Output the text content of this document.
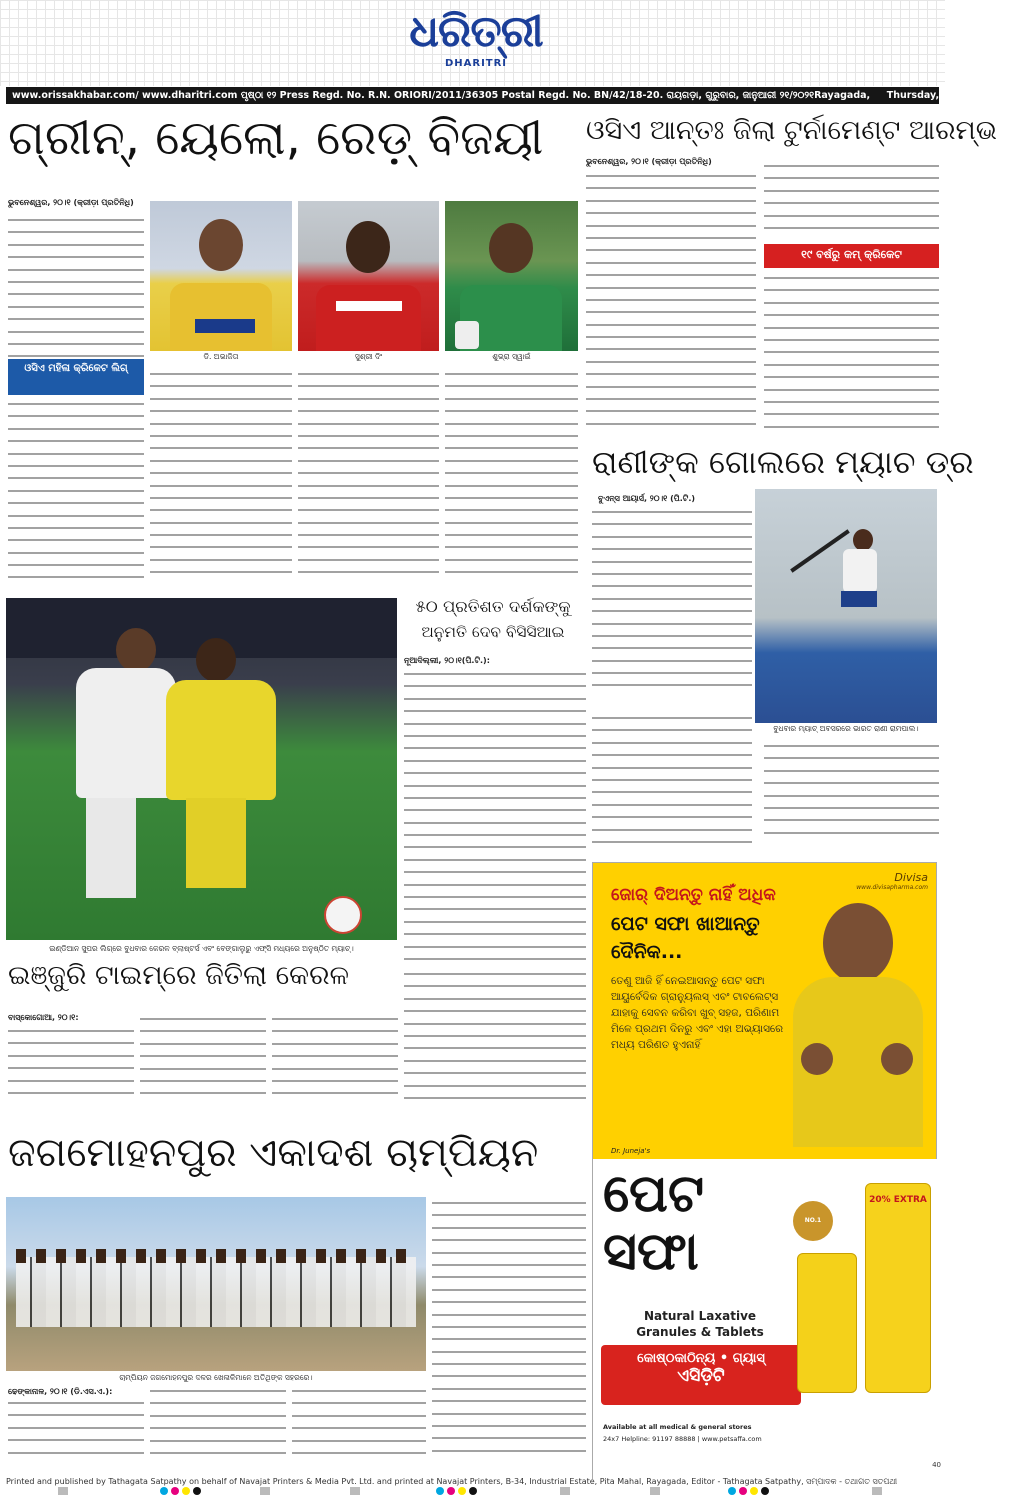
ଧରିତ୍ରୀ
DHARITRI
www.orissakhabar.com/ www.dharitri.com ପୃଷ୍ଠା ୧୨ Press Regd. No. R.N. ORIORI/2011/36305 Postal Regd. No. BN/42/18-20. ରାୟଗଡ଼ା, ଗୁରୁବାର, ଜାନୁଆରୀ ୨୧/୨୦୨୧ Rayagada, Thursday, January 21/ 2021
ଗ୍ରୀନ୍, ୟେଲୋ, ରେଡ଼୍ ବିଜୟୀ
ଭୁବନେଶ୍ୱର, ୨୦।୧ (କ୍ରୀଡ଼ା ପ୍ରତିନିଧି)
ଓସିଏ ମହିଳା କ୍ରିକେଟ ଲିଗ୍
ଡି. ଅଭାଜିତା	ସୁଶ୍ରୀ ଦିଂ	ଶୁଭ୍ରା ସ୍ୱାଇଁ
ଓସିଏ ଆନ୍ତଃ ଜିଲା ଟୁର୍ନାମେଣ୍ଟ ଆରମ୍ଭ
ଭୁବନେଶ୍ୱର, ୨୦।୧ (କ୍ରୀଡ଼ା ପ୍ରତିନିଧି)
୧୯ ବର୍ଷରୁ କମ୍ କ୍ରିକେଟ
ରାଣୀଙ୍କ ଗୋଲରେ ମ୍ୟାଚ ଡ୍ର
ବୁଏନ୍ସ ଆୟାର୍ସ, ୨୦।୧ (ପି.ଟି.)
ବୁଧବାର ମ୍ୟାଚ୍ ଅବସରରେ ଭାରତ ରାଣୀ ରାମପାଲ।
ଇଣ୍ଡିଆନ ସୁପର ଲିଗ୍‌ରେ ବୁଧବାର କେରଳ ବ୍ଲାଷ୍ଟର୍ସ ଏବଂ ବେଙ୍ଗାଲୁରୁ ଏଫ୍‌ସି ମଧ୍ୟରେ ଅନୁଷ୍ଠିତ ମ୍ୟାଚ୍।
୫୦ ପ୍ରତିଶତ ଦର୍ଶକଙ୍କୁ
ଅନୁମତି ଦେବ ବିସିସିଆଇ
ନୂଆଦିଲ୍ଲୀ, ୨୦।୧(ପି.ଟି.):
ଇଞ୍ଜୁରି ଟାଇମ୍‌ରେ ଜିତିଲା କେରଳ
ବାସ୍କୋଗୋଆ, ୨୦।୧:
ଜଗମୋହନପୁର ଏକାଦଶ ଚାମ୍ପିୟନ
ଚାମ୍ପିୟନ ଜଗମୋହନପୁର ଦଳର ଖେଳାଳିମାନେ ଅତିଥିଙ୍କ ସହରରେ।
ଢେଙ୍କାନାଳ, ୨୦।୧ (ଡି.ଏସ.ଏ.):
Divisa
www.divisapharma.com
ଜୋର୍ ଦିଅନ୍ତୁ ନାହିଁ ଅଧିକ
ପେଟ ସଫା ଖାଆନ୍ତୁ
ଦୈନିକ...
ତେଣୁ ଆଜି ହିଁ ନେଇଆସନ୍ତୁ ପେଟ ସଫା ଆୟୁର୍ବେଦିକ ଗ୍ରାନ୍ୟୁଲସ୍ ଏବଂ ଟାବଲେଟ୍‌ସ ଯାହାକୁ ସେବନ କରିବା ଖୁବ୍ ସହଜ, ପରିଣାମ ମିଳେ ପ୍ରଥମ ଦିନରୁ ଏବଂ ଏହା ଅଭ୍ୟାସରେ ମଧ୍ୟ ପରିଣତ ହୁଏନାହିଁ
Dr. Juneja's
ପେଟ ସଫା
Natural Laxative
Granules & Tablets
କୋଷ୍ଠକାଠିନ୍ୟ • ଗ୍ୟାସ୍
ଏସିଡ଼ିଟି
NO.1
20% EXTRA
Available at all medical & general stores
24x7 Helpline: 91197 88888 | www.petsaffa.com
Printed and published by Tathagata Satpathy on behalf of Navajat Printers & Media Pvt. Ltd. and printed at Navajat Printers, B-34, Industrial Estate, Pita Mahal, Rayagada, Editor - Tathagata Satpathy, ସମ୍ପାଦକ - ତଥାଗତ ସତପଥୀ
40
